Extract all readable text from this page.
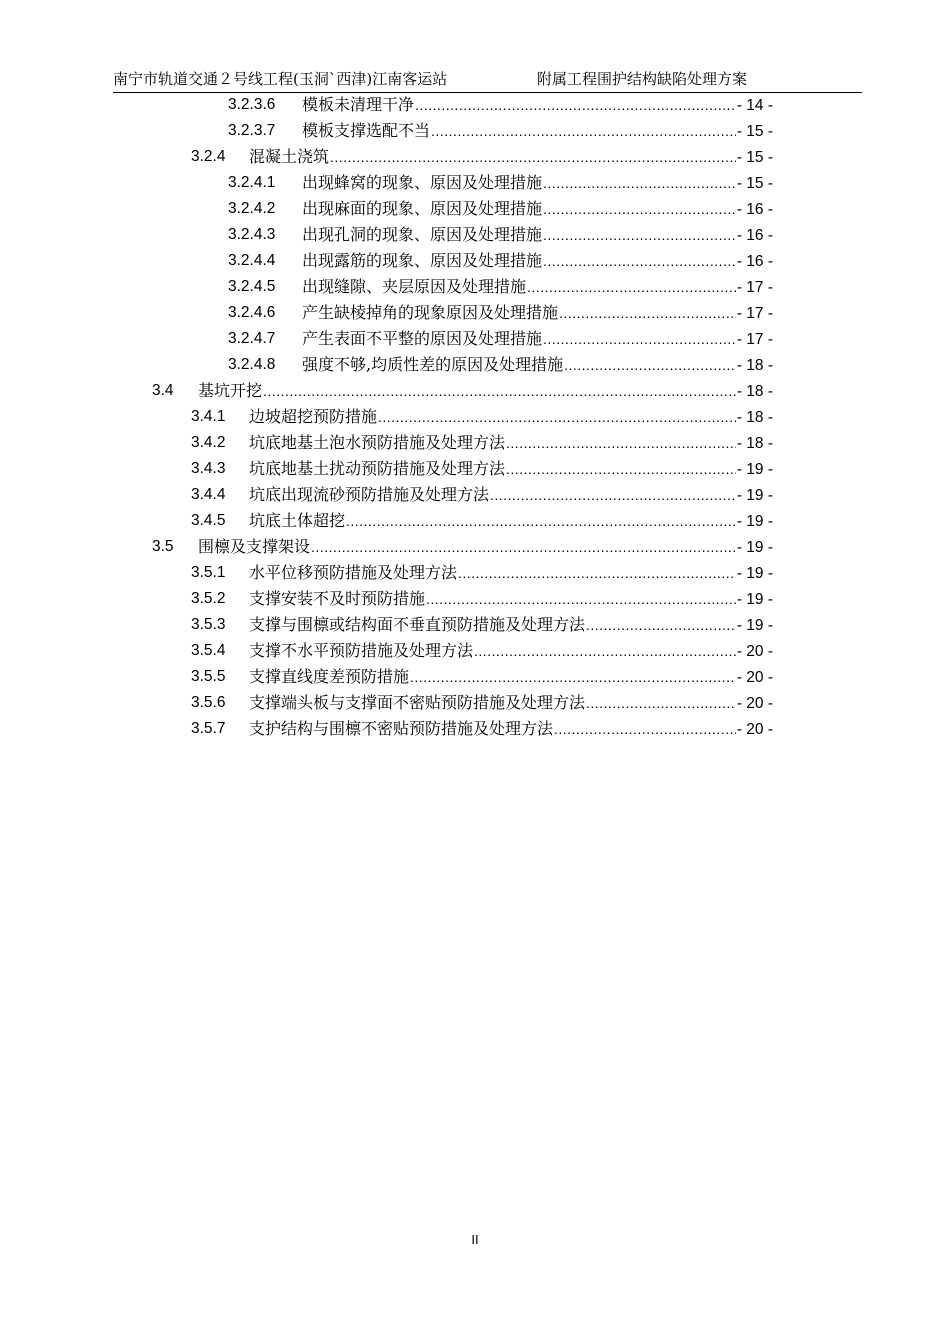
南宁市轨道交通２号线工程(玉洞`西津)江南客运站	附属工程围护结构缺陷处理方案
3.2.3.6 模板未清理干净 .....	- 14 -
3.2.3.7 模板支撑选配不当 .....	- 15 -
3.2.4 混凝土浇筑 .....	- 15 -
3.2.4.1 出现蜂窝的现象、原因及处理措施 .....	- 15 -
3.2.4.2 出现麻面的现象、原因及处理措施 .....	- 16 -
3.2.4.3 出现孔洞的现象、原因及处理措施 .....	- 16 -
3.2.4.4 出现露筋的现象、原因及处理措施 .....	- 16 -
3.2.4.5 出现缝隙、夹层原因及处理措施 .....	- 17 -
3.2.4.6 产生缺棱掉角的现象原因及处理措施 .....	- 17 -
3.2.4.7 产生表面不平整的原因及处理措施 .....	- 17 -
3.2.4.8 强度不够,均质性差的原因及处理措施 .....	- 18 -
3.4 基坑开挖 .....	- 18 -
3.4.1 边坡超挖预防措施 .....	- 18 -
3.4.2 坑底地基土泡水预防措施及处理方法 .....	- 18 -
3.4.3 坑底地基土扰动预防措施及处理方法 .....	- 19 -
3.4.4 坑底出现流砂预防措施及处理方法 .....	- 19 -
3.4.5 坑底土体超挖 .....	- 19 -
3.5 围檩及支撑架设 .....	- 19 -
3.5.1 水平位移预防措施及处理方法 .....	- 19 -
3.5.2 支撑安装不及时预防措施 .....	- 19 -
3.5.3 支撑与围檩或结构面不垂直预防措施及处理方法 .....	- 19 -
3.5.4 支撑不水平预防措施及处理方法 .....	- 20 -
3.5.5 支撑直线度差预防措施 .....	- 20 -
3.5.6 支撑端头板与支撑面不密贴预防措施及处理方法 .....	- 20 -
3.5.7 支护结构与围檩不密贴预防措施及处理方法 .....	- 20 -
II
